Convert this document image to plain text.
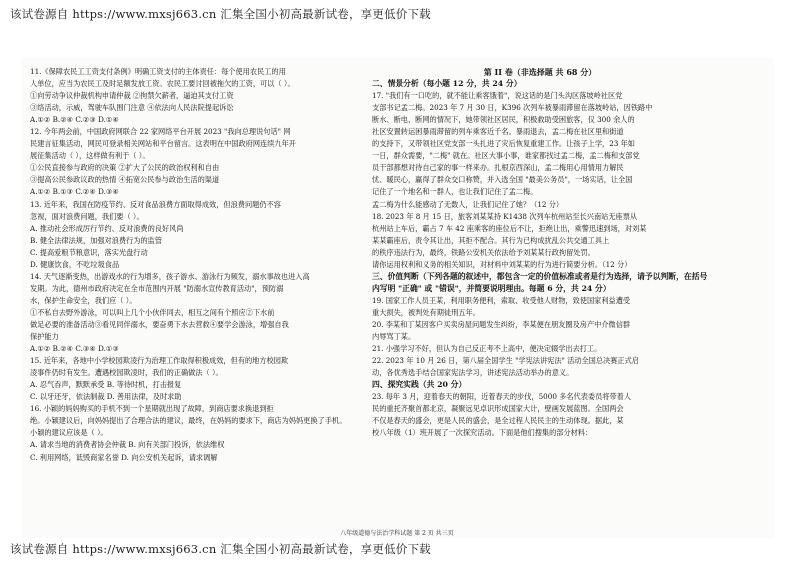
该试卷源自 https://www.mxsj663.cn 汇集全国小初高最新试卷，享更低价下载

11.《保障农民工工资支付条例》明确工资支付的主体责任：每个使用农民工的用

人单位，应当为农民工及时足额发放工资。农民工要讨回被拖欠的工资，可以（ ）。

①向劳动争议仲裁机构申请仲裁 ②拘禁欠薪者，逼迫其支付工资

③络活动，示威，驾驶车队围门注意 ④依法向人民法院提起诉讼

A.①② B.②④ C.②③ D.①④

12. 今年两会前，中国政府网联合 22 家网络平台开展 2023 "我向总理说句话" 网

民建言征集活动，网民可登录相关网站和平台留言。这表明在中国政府网连续九年开

展征集活动（ ），这样做有利于（ ）。

①公民直接参与政府的决策 ②扩大了公民的政治权利和自由

③提高公民参政议政的热情 ④拓宽公民参与政治生活的渠道

A.①② B.①③ C.②④ D.③④

13. 近年来，我国在防疫节约、反对食品浪费方面取得成效，但浪费问题仍不容

忽视，面对浪费问题，我们要（ ）。

A. 推动社会形成厉行节约、反对浪费的良好风尚

B. 健全法律法规，加强对浪费行为的监管

C. 提高爱粮节粮意识，落实光盘行动

D. 健康饮食，不吃垃圾食品

14. 天气逐渐变热，出游戏水的行为增多，孩子游水、游泳行为频发，溺水事故也进入高

发期。为此，德州市政府决定在全市范围内开展 "防溺水宣传教育活动"，预防溺

水，保护生命安全，我们应（ ）。

①不私自去野外游泳，可以叫上几个小伙伴同去，相互之间有个照应②下水前

做足必要的准备活动③看见同伴溺水，要奋勇下水去营救④要学会游泳，增强自我

保护能力

A.①② B.②④ C.③④ D.①③

15. 近年来，各地中小学校园欺凌行为治理工作取得积极成效，但有的地方校园欺

凌事件仍时有发生。遭遇校园欺凌时，我们的正确做法（ ）。

A. 忍气吞声，默默承受 B. 等待时机，打击报复

C. 以牙还牙，依法制裁 D. 善用法律，及时求助

16. 小颖的妈妈购买的手机不到一个星期就出现了故障，到商店要求换退到拒

绝。小颖建议后，向妈妈提出了合理合法的建议，最终，在妈妈的要求下，商店为妈妈更换了手机。

小颖的建议应该是（ ）。

A. 请求当地的消费者协会仲裁 B. 向有关部门投诉，依法维权

C. 利用网络，诋毁商家名誉 D. 向公安机关起诉，请求调解

第 II 卷（非选择题 共 68 分）

二、情景分析（每小题 12 分，共 24 分）

17. "我们有一口吃的，就不能让乘客饿着"，说这话的是门头沟区落坡岭社区党

支部书记孟二梅。2023 年 7 月 30 日，K396 次列车被暴雨滞留在落坡岭站，因铁路中

断水、断电、断网的情况下，她带领社区居民，积极救助受困旅客，仅 300 余人的

社区安置转运困暴雨滞留的列车乘客近千名。暴雨退去，孟二梅在社区里和街道

的支持下，又带领社区党支部一头扎进了灾后恢复重建工作。让孩子上学，23 年如

一日，群众需要，"二梅" 就在。社区大事小事，谁家都找过孟二梅，孟二梅和支部党

员干部都想对待自己家的事一样来办。扎根京西深山，孟二梅用心用情用力解民

忧、暖民心，赢得了群众交口称赞，并入选全国 "最美公务员"，一场实话，让全国

记住了一个地名和一群人，也让我们记住了孟二梅。

孟二梅为什么能感动了无数人，让我们记住了她？（12 分）

18. 2023 年 8 月 15 日，旅客刘某某持 K1438 次列车杭州站至长兴南站无座票从

杭州站上车后，霸占 7 车 42 座乘客的座位后不让，拒绝让出，乘警迅速到场，对刘某

某某霸座后，责令其让出，其拒不配合。其行为已构成扰乱公共交通工具上

的秩序违法行为，最终，铁路公安机关依法给予刘某某行政拘留处罚。

请你运用权利和义务的相关知识，对材料中刘某某的行为进行简要分析。（12 分）

三、价值判断（下列各题的叙述中，都包含一定的价值标准或者是行为选择，请予以判断，在括号内写明 "正确" 或 "错误"，并简要说明理由。每题 6 分，共 24 分）

19. 国家工作人员王某，利用职务便利，索取、收受他人财物，致使国家利益遭受

重大损失，被判处有期徒刑五年。

20. 李某和丁某因客户买卖房屋问题发生纠纷，李某便在朋友圈及房产中介微信群

内辱骂丁某。

21. 小强学习不好，但认为自己反正考不上高中，便决定辍学出去打工。

22. 2023 年 10 月 26 日，第八届全国学生 "学宪法讲宪法" 活动全国总决赛正式启

动，各优秀选手结合国家宪法学习，讲述宪法活动举办的意义。

四、探究实践（共 20 分）

23. 每年 3 月，迎着春天的朝阳，近着春天的步伐，5000 多名代表委员将带着人

民的重托齐聚首都北京，凝聚远见卓识形成国家大计，壁画发展蓝图。全国两会

不仅是春天的盛会，更是人民的盛会，是全过程人民民主的生动体现。据此，某

校八年级（1）班开展了一次探究活动。下面是他们搜集的部分材料：

八年级道德与法治学科试题 第 2 页 共三页
该试卷源自 https://www.mxsj663.cn 汇集全国小初高最新试卷，享更低价下载
